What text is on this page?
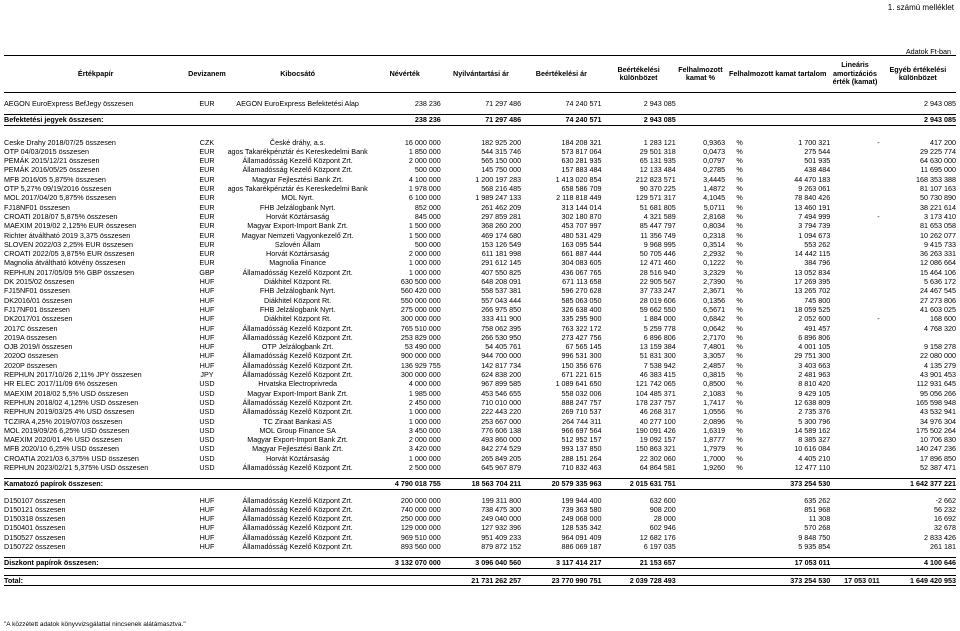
1. számú melléklet
Adatok Ft-ban
Értékpapír	Devizanem	Kibocsátó	Névérték	Nyilvántartási ár	Beértékelési ár	Beértékelési különbözet	Felhalmozott kamat %	Felhalmozott kamat tartalom		Lineáris amortizációs érték (kamat)	Egyéb értékelési különbözet

AEGON EuroExpress BefJegy összesen	EUR	AEGON EuroExpress Befektetési Alap	238 236	71 297 486	74 240 571	2 943 085					2 943 085

Befektetési jegyek összesen:			238 236	71 297 486	74 240 571	2 943 085					2 943 085

Ceske Drahy 2018/07/25 összesen	CZK	České dráhy, a.s.	16 000 000	182 925 200	184 208 321	1 283 121	0,9363	%	1 700 321	-	417 200
OTP 04/03/2015 összesen	EUR	agos Takarékpénztár és Kereskedelmi Bank	1 850 000	544 315 746	573 817 064	29 501 318	0,0473	%	275 544		29 225 774
PEMÁK 2015/12/21 összesen	EUR	Államadósság Kezelő Központ Zrt.	2 000 000	565 150 000	630 281 935	65 131 935	0,0797	%	501 935		64 630 000
PEMÁK 2016/05/25 összesen	EUR	Államadósság Kezelő Központ Zrt.	500 000	145 750 000	157 883 484	12 133 484	0,2785	%	438 484		11 695 000
MFB 2016/05 5,875% összesen	EUR	Magyar Fejlesztési Bank Zrt.	4 100 000	1 200 197 283	1 413 020 854	212 823 571	3,4445	%	44 470 183		168 353 388
OTP 5,27% 09/19/2016 összesen	EUR	agos Takarékpénztár és Kereskedelmi Bank	1 978 000	568 216 485	658 586 709	90 370 225	1,4872	%	9 263 061		81 107 163
MOL 2017/04/20 5,875% összesen	EUR	MOL Nyrt.	6 100 000	1 989 247 133	2 118 818 449	129 571 317	4,1045	%	78 840 426		50 730 890
FJ18NF01 összesen	EUR	FHB Jelzálogbank Nyrt.	852 000	261 462 209	313 144 014	51 681 805	5,0711	%	13 460 191		38 221 614
CROATI 2018/07 5,875% összesen	EUR	Horvát Köztársaság	845 000	297 859 281	302 180 870	4 321 589	2,8168	%	7 494 999	-	3 173 410
MAEXIM 2019/02 2,125% EUR összesen	EUR	Magyar Export-Import Bank Zrt.	1 500 000	368 260 200	453 707 997	85 447 797	0,8034	%	3 794 739		81 653 058
Richter átváltható 2019 3,375 összesen	EUR	Magyar Nemzeti Vagyonkezelő Zrt.	1 500 000	469 174 680	480 531 429	11 356 749	0,2318	%	1 094 673		10 262 077
SLOVEN 2022/03 2,25% EUR összesen	EUR	Szlovén Állam	500 000	153 126 549	163 095 544	9 968 995	0,3514	%	553 262		9 415 733
CROATI 2022/05 3,875% EUR összesen	EUR	Horvát Köztársaság	2 000 000	611 181 998	661 887 444	50 705 446	2,2932	%	14 442 115		36 263 331
Magnolia átváltható kötvény összesen	EUR	Magnolia Finance	1 000 000	291 612 145	304 083 605	12 471 460	0,1222	%	384 796		12 086 664
REPHUN 2017/05/09 5% GBP összesen	GBP	Államadósság Kezelő Központ Zrt.	1 000 000	407 550 825	436 067 765	28 516 940	3,2329	%	13 052 834		15 464 106
DK 2015/02 összesen	HUF	Diákhitel Központ Rt.	630 500 000	648 208 091	671 113 658	22 905 567	2,7390	%	17 269 395		5 636 172
FJ15NF01 összesen	HUF	FHB Jelzálogbank Nyrt.	560 420 000	558 537 381	596 270 628	37 733 247	2,3671	%	13 265 702		24 467 545
DK2016/01 összesen	HUF	Diákhitel Központ Rt.	550 000 000	557 043 444	585 063 050	28 019 606	0,1356	%	745 800		27 273 806
FJ17NF01 összesen	HUF	FHB Jelzálogbank Nyrt.	275 000 000	266 975 850	326 638 400	59 662 550	6,5671	%	18 059 525		41 603 025
DK2017/01 összesen	HUF	Diákhitel Központ Rt.	300 000 000	333 411 900	335 295 900	1 884 000	0,6842	%	2 052 600	-	168 600
2017C összesen	HUF	Államadósság Kezelő Központ Zrt.	765 510 000	758 062 395	763 322 172	5 259 778	0,0642	%	491 457		4 768 320
2019A összesen	HUF	Államadósság Kezelő Központ Zrt.	253 829 000	266 530 950	273 427 756	6 896 806	2,7170	%	6 896 806		
OJB 2019/I összesen	HUF	OTP Jelzálogbank Zrt.	53 490 000	54 405 761	67 565 145	13 159 384	7,4801	%	4 001 105		9 158 278
2020O összesen	HUF	Államadósság Kezelő Központ Zrt.	900 000 000	944 700 000	996 531 300	51 831 300	3,3057	%	29 751 300		22 080 000
2020P összesen	HUF	Államadósság Kezelő Központ Zrt.	136 929 755	142 817 734	150 356 676	7 538 942	2,4857	%	3 403 663		4 135 279
REPHUN 2017/10/26 2,11% JPY összesen	JPY	Államadósság Kezelő Központ Zrt.	300 000 000	624 838 200	671 221 615	46 383 415	0,3815	%	2 481 963		43 901 453
HR ELEC 2017/11/09 6% összesen	USD	Hrvatska Electroprivreda	4 000 000	967 899 585	1 089 641 650	121 742 065	0,8500	%	8 810 420		112 931 645
MAEXIM 2018/02 5,5% USD összesen	USD	Magyar Export-Import Bank Zrt.	1 985 000	453 546 655	558 032 006	104 485 371	2,1083	%	9 429 105		95 056 266
REPHUN 2018/02 4,125% USD összesen	USD	Államadósság Kezelő Központ Zrt.	2 450 000	710 010 000	888 247 757	178 237 757	1,7417	%	12 638 809		165 598 948
REPHUN 2019/03/25 4% USD összesen	USD	Államadósság Kezelő Központ Zrt.	1 000 000	222 443 220	269 710 537	46 268 317	1,0556	%	2 735 376		43 532 941
TCZIRA 4,25% 2019/07/03 összesen	USD	TC Ziraat Bankasi AS	1 000 000	253 667 000	264 744 311	40 277 100	2,0896	%	5 300 796		34 976 304
MOL 2019/09/26 6,25% USD összesen	USD	MOL Group Finance SA	3 450 000	776 606 138	966 697 564	190 091 426	1,6319	%	14 589 162		175 502 264
MAEXIM 2020/01 4% USD összesen	USD	Magyar Export-Import Bank Zrt.	2 000 000	493 860 000	512 952 157	19 092 157	1,8777	%	8 385 327		10 706 830
MFB 2020/10 6,25% USD összesen	USD	Magyar Fejlesztési Bank Zrt.	3 420 000	842 274 529	993 137 850	150 863 321	1,7979	%	10 616 084		140 247 236
CROATIA 2021/03 6,375% USD összesen	USD	Horvát Köztársaság	1 000 000	265 849 205	288 151 264	22 302 060	1,7000	%	4 405 210		17 896 850
REPHUN 2023/02/21 5,375% USD összesen	USD	Államadósság Kezelő Központ Zrt.	2 500 000	645 967 879	710 832 463	64 864 581	1,9260	%	12 477 110		52 387 471

Kamatozó papírok összesen:			4 790 018 755	18 563 704 211	20 579 335 963	2 015 631 751			373 254 530		1 642 377 221

D150107 összesen	HUF	Államadósság Kezelő Központ Zrt.	200 000 000	199 311 800	199 944 400	632 600			635 262		-2 662
D150121 összesen	HUF	Államadósság Kezelő Központ Zrt.	740 000 000	738 475 300	739 363 580	908 200			851 968		56 232
D150318 összesen	HUF	Államadósság Kezelő Központ Zrt.	250 000 000	249 040 000	249 068 000	28 000			11 308		16 692
D150401 összesen	HUF	Államadósság Kezelő Központ Zrt.	129 000 000	127 932 396	128 535 342	602 946			570 268		32 678
D150527 összesen	HUF	Államadósság Kezelő Központ Zrt.	969 510 000	951 409 233	964 091 409	12 682 176			9 848 750		2 833 426
D150722 összesen	HUF	Államadósság Kezelő Központ Zrt.	893 560 000	879 872 152	886 069 187	6 197 035			5 935 854		261 181

Diszkont papírok összesen:			3 132 070 000	3 096 040 560	3 117 414 217	21 153 657			17 053 011		4 100 646

Total:				21 731 262 257	23 770 990 751	2 039 728 493			373 254 530	17 053 011	1 649 420 953
"A közzétett adatok könyvvizsgálattal nincsenek alátámasztva."
